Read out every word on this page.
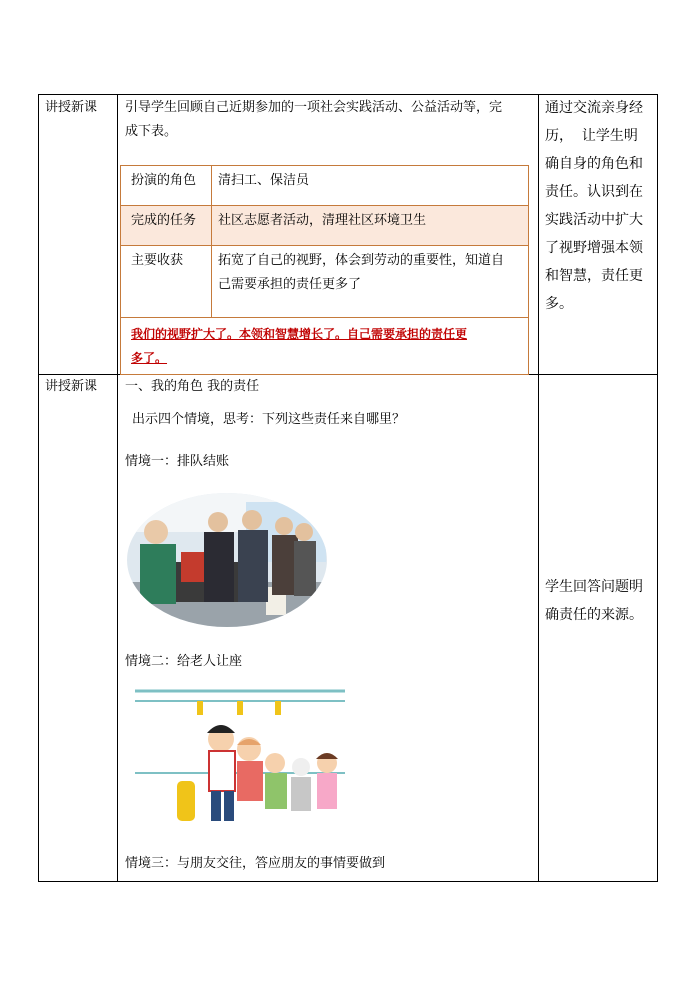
讲授新课 引导学生回顾自己近期参加的一项社会实践活动、公益活动等，完
成下表。
扮演的角色 清扫工、保洁员
完成的任务 社区志愿者活动，清理社区环境卫生
主要收获	拓宽了自己的视野，体会到劳动的重要性，知道自
己需要承担的责任更多了
我们的视野扩大了。本领和智慧增长了。自己需要承担的责任更
多了。
通过交流亲身经
历，  让学生明
确自身的角色和
责任。认识到在
实践活动中扩大
了视野增强本领
和智慧，责任更
多。
讲授新课 一、我的角色 我的责任
出示四个情境，思考：下列这些责任来自哪里？
情境一：排队结账
情境二：给老人让座
情境三：与朋友交往，答应朋友的事情要做到
学生回答问题明
确责任的来源。
